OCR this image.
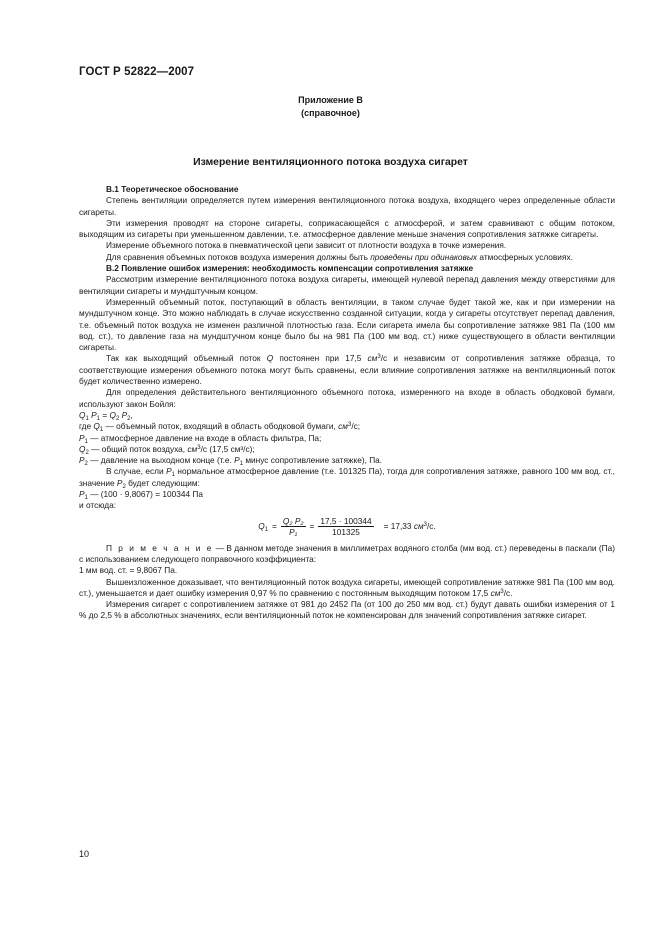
ГОСТ Р 52822—2007
Приложение В
(справочное)
Измерение вентиляционного потока воздуха сигарет

В.1 Теоретическое обоснование

Степень вентиляции определяется путем измерения вентиляционного потока воздуха, входящего через определенные области сигареты.

Эти измерения проводят на стороне сигареты, соприкасающейся с атмосферой, и затем сравнивают с общим потоком, выходящим из сигареты при уменьшенном давлении, т.е. атмосферное давление меньше значения сопротивления затяжке сигареты.

Измерение объемного потока в пневматической цепи зависит от плотности воздуха в точке измерения.

Для сравнения объемных потоков воздуха измерения должны быть проведены при одинаковых атмосферных условиях.

В.2 Появление ошибок измерения: необходимость компенсации сопротивления затяжке

Рассмотрим измерение вентиляционного потока воздуха сигареты, имеющей нулевой перепад давления между отверстиями для вентиляции сигареты и мундштучным концом.

Измеренный объемный поток, поступающий в область вентиляции, в таком случае будет такой же, как и при измерении на мундштучном конце. Это можно наблюдать в случае искусственно созданной ситуации, когда у сигареты отсутствует перепад давления, т.е. объемный поток воздуха не изменен различной плотностью газа. Если сигарета имела бы сопротивление затяжке 981 Па (100 мм вод. ст.), то давление газа на мундштучном конце было бы на 981 Па (100 мм вод. ст.) ниже существующего в области вентиляции сигареты.

Так как выходящий объемный поток Q постоянен при 17,5 $см^3/с$ и независим от сопротивления затяжке образца, то соответствующие измерения объемного потока могут быть сравнены, если влияние сопротивления затяжке на вентиляционный поток будет количественно измерено.

Для определения действительного вентиляционного объемного потока, измеренного на входе в область ободковой бумаги, используют закон Бойля:

$Q_1$ $P_1 = Q_2$ $P_2$,

где $Q_1$ — объемный поток, входящий в область ободковой бумаги, $см^3/с$;

$P_1$ — атмосферное давление на входе в область фильтра, Па;

$Q_2$ — общий поток воздуха, $см^3/с$ (17,5 см³/с);

$P_2$ — давление на выходном конце (т.е. $P_1$ минус сопротивление затяжке), Па.

В случае, если $P_1$ нормальное атмосферное давление (т.е. 101325 Па), тогда для сопротивления затяжке, равного 100 мм вод. ст., значение $P_2$ будет следующим:

$P_1$ — (100 · 9,8067) = 100344 Па

и отсюда:

$Q_1 = \frac{\text{Q₂ P₂}}{\text{P₁}} = \frac{17,5 \cdot 100344}{101325} = 17,33$ $см^3/с$.

П р и м е ч а н и е — В данном методе значения в миллиметрах водяного столба (мм вод. ст.) переведены в паскали (Па) с использованием следующего поправочного коэффициента:

1 мм вод. ст. = 9,8067 Па.

Вышеизложенное доказывает, что вентиляционный поток воздуха сигареты, имеющей сопротивление затяжке 981 Па (100 мм вод. ст.), уменьшается и дает ошибку измерения 0,97 % по сравнению с постоянным выходящим потоком 17,5 $см^3/с$.

Измерения сигарет с сопротивлением затяжке от 981 до 2452 Па (от 100 до 250 мм вод. ст.) будут давать ошибки измерения от 1 % до 2,5 % в абсолютных значениях, если вентиляционный поток не компенсирован для значений сопротивления затяжке сигарет.

10
